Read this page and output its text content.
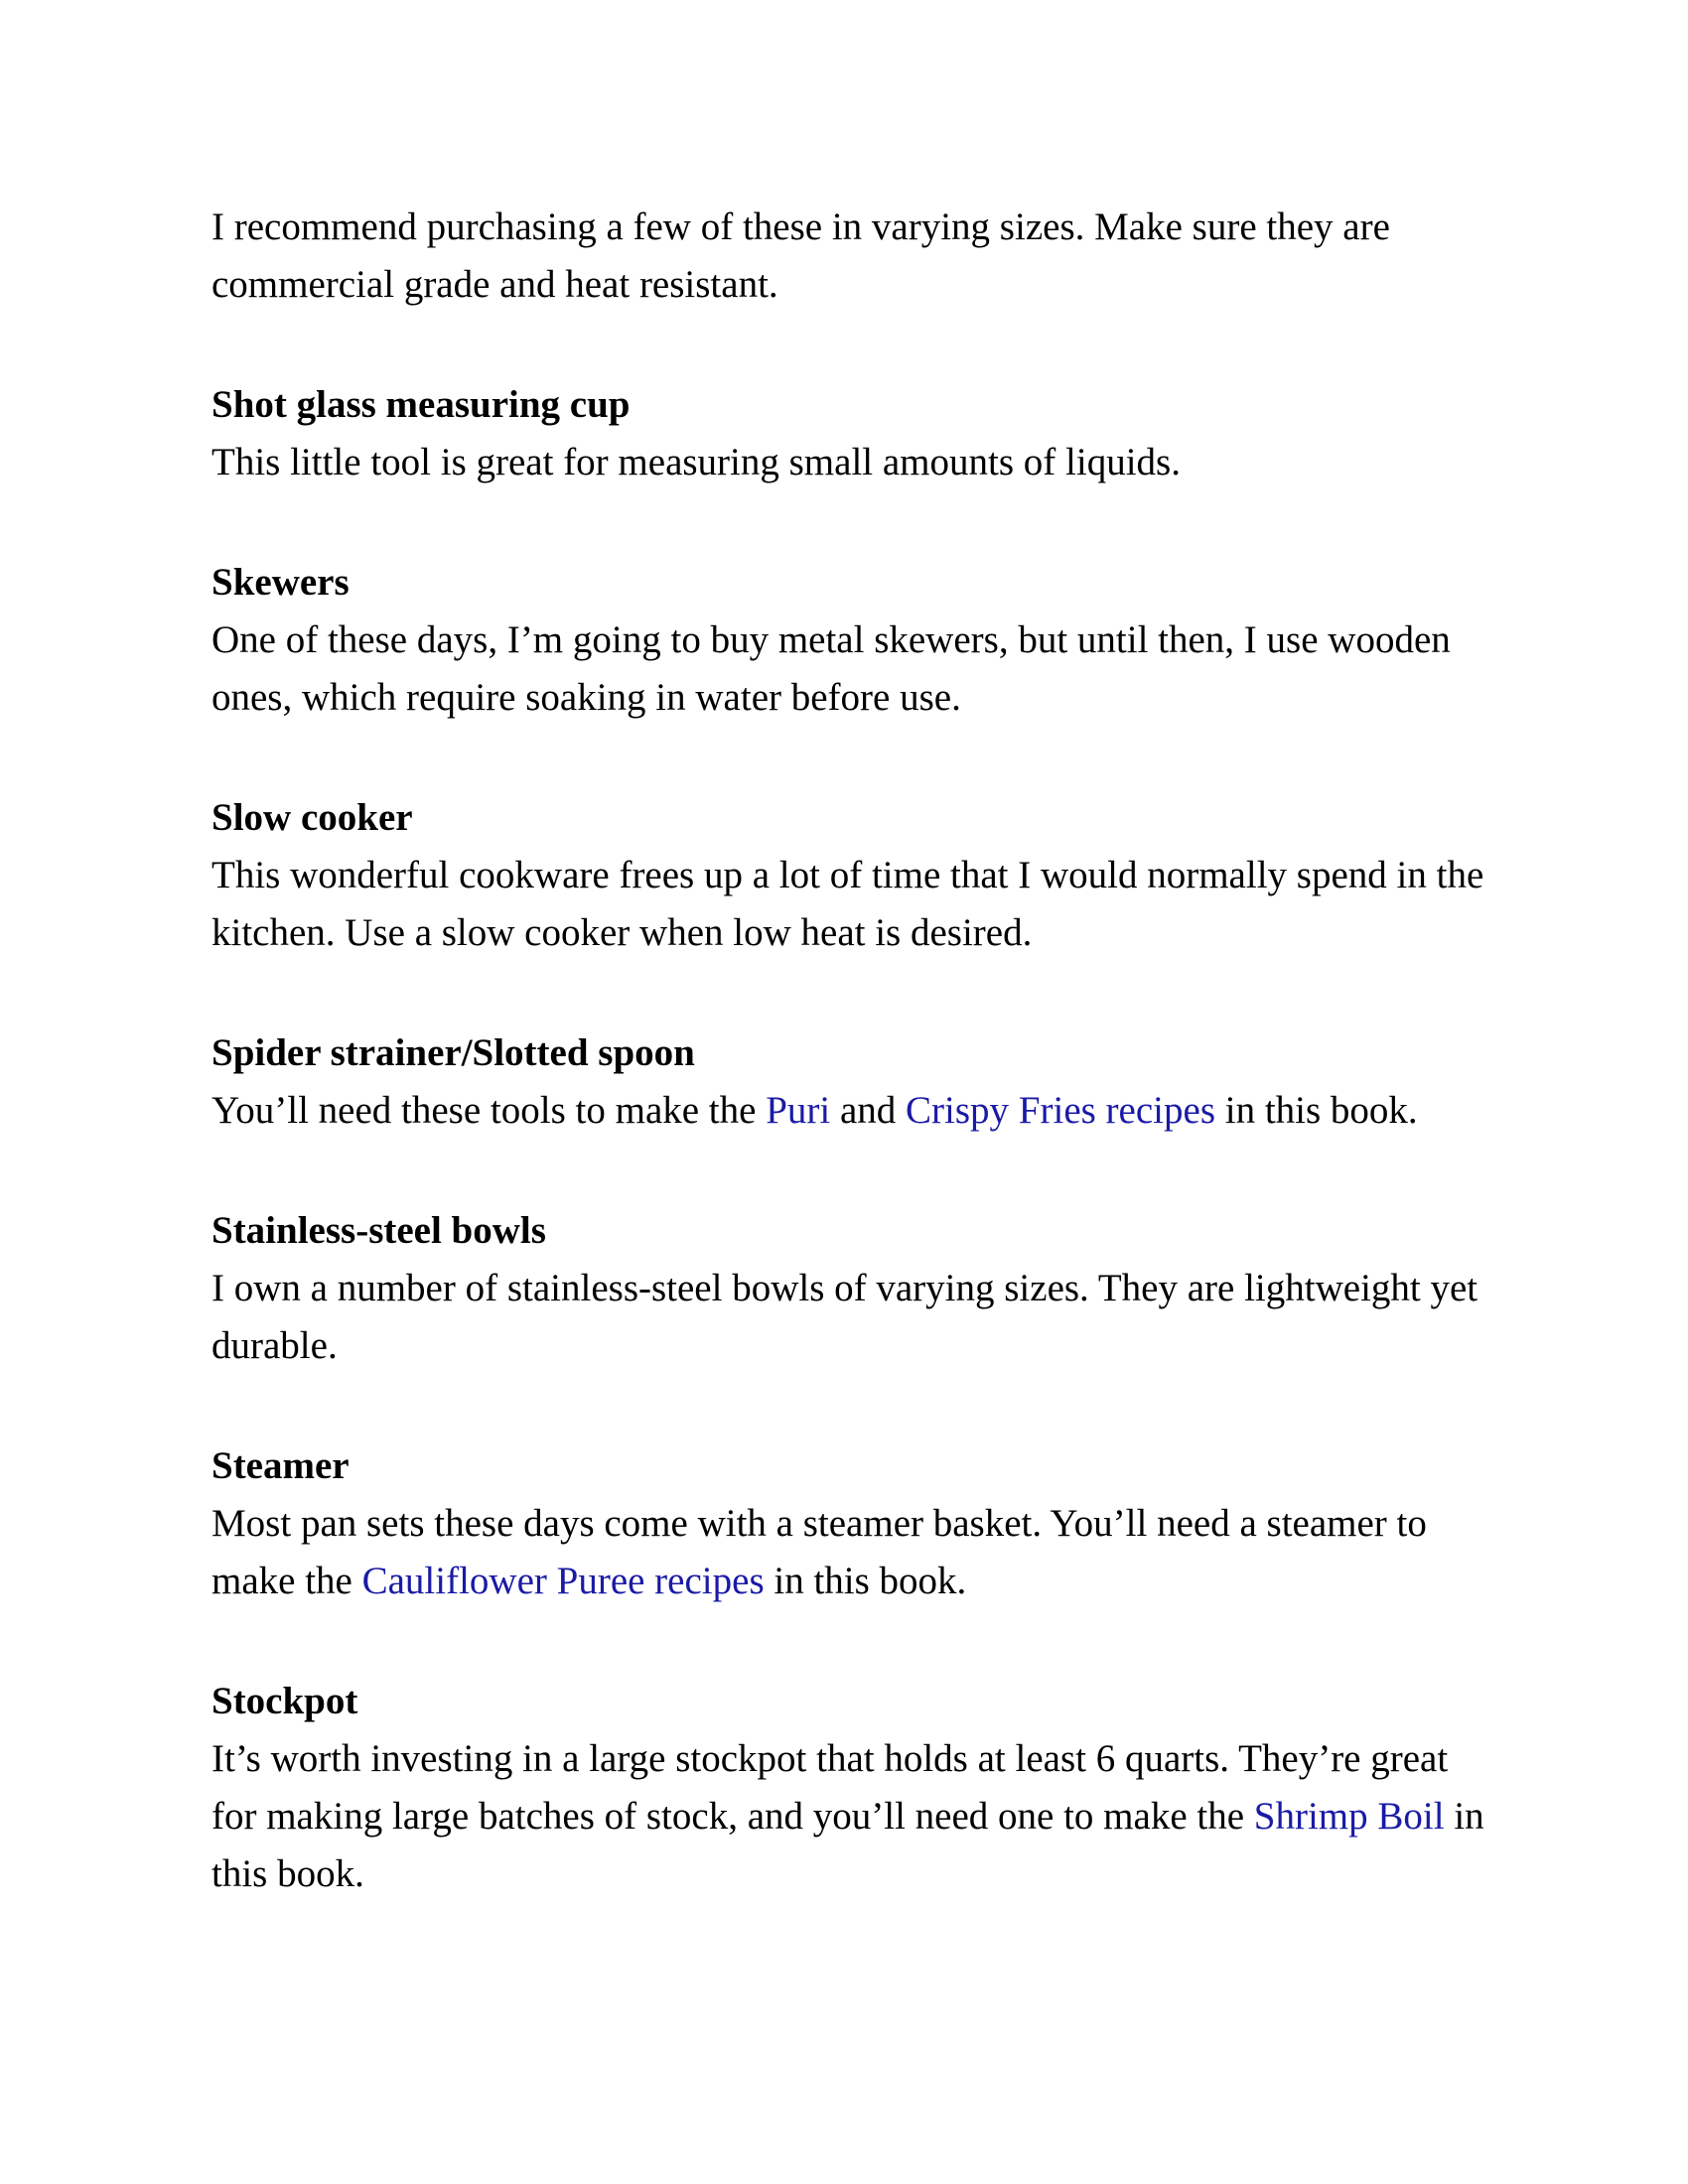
I recommend purchasing a few of these in varying sizes. Make sure they are commercial grade and heat resistant.

Shot glass measuring cup

This little tool is great for measuring small amounts of liquids.

Skewers

One of these days, I’m going to buy metal skewers, but until then, I use wooden ones, which require soaking in water before use.

Slow cooker

This wonderful cookware frees up a lot of time that I would normally spend in the kitchen. Use a slow cooker when low heat is desired.

Spider strainer/Slotted spoon

You’ll need these tools to make the Puri and Crispy Fries recipes in this book.

Stainless-steel bowls

I own a number of stainless-steel bowls of varying sizes. They are lightweight yet durable.

Steamer

Most pan sets these days come with a steamer basket. You’ll need a steamer to make the Cauliflower Puree recipes in this book.

Stockpot

It’s worth investing in a large stockpot that holds at least 6 quarts. They’re great for making large batches of stock, and you’ll need one to make the Shrimp Boil in this book.
